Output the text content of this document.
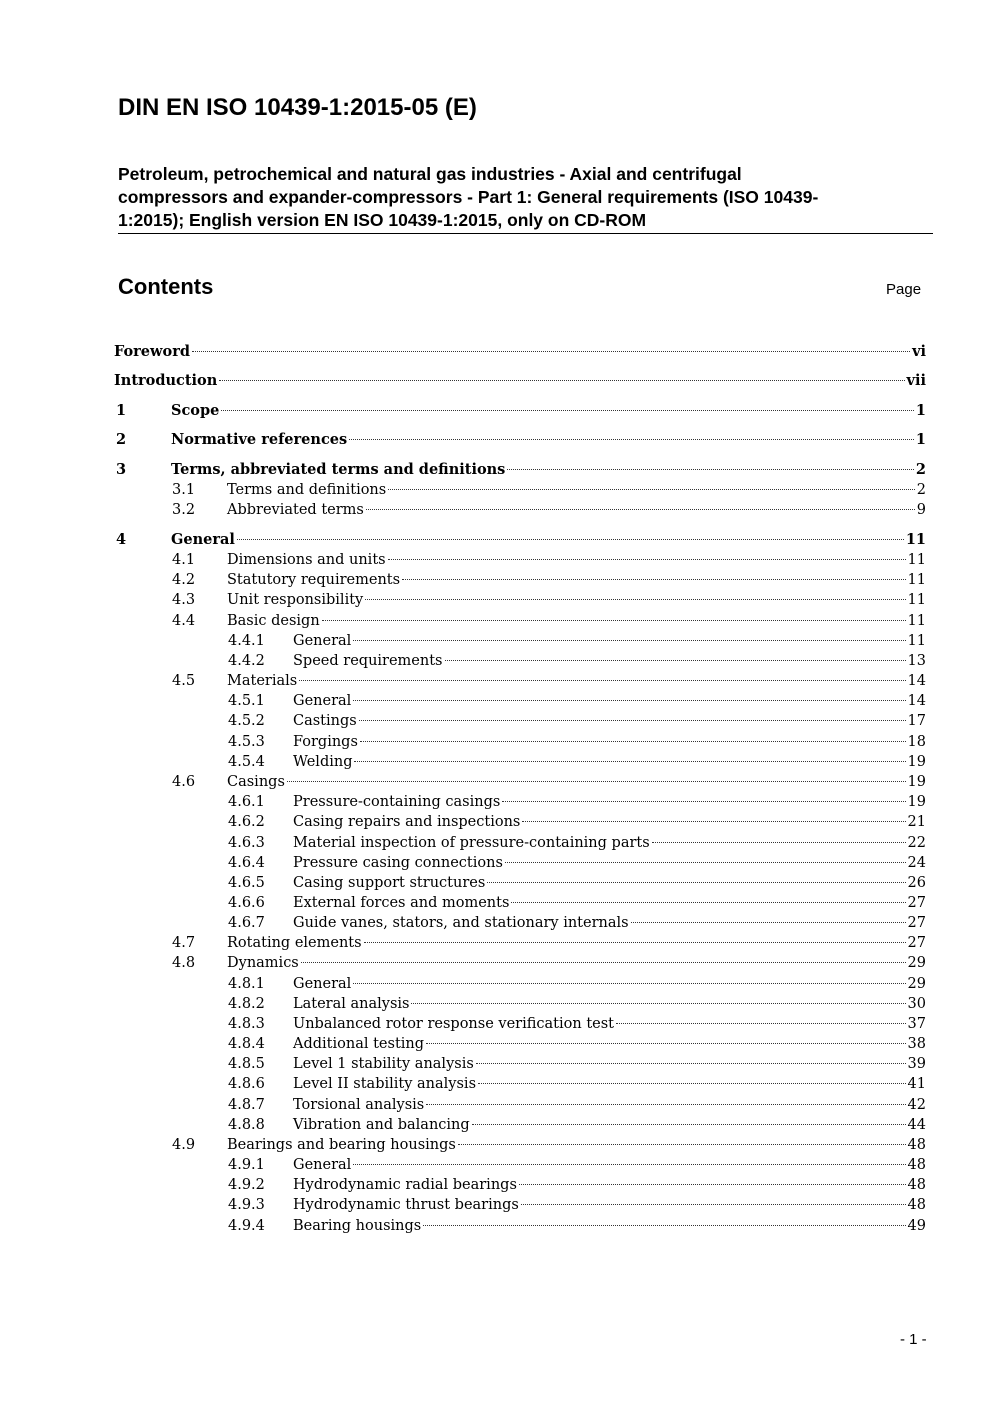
DIN EN ISO 10439-1:2015-05 (E)
Petroleum, petrochemical and natural gas industries - Axial and centrifugal
compressors and expander-compressors - Part 1: General requirements (ISO 10439-
1:2015); English version EN ISO 10439-1:2015, only on CD-ROM
Contents	Page
Foreword	vi
Introduction	vii
1	Scope	1
2	Normative references	1
3	Terms, abbreviated terms and definitions	2
3.1 Terms and definitions	2
3.2 Abbreviated terms	9
4	General	11
4.1 Dimensions and units	11
4.2 Statutory requirements	11
4.3 Unit responsibility	11
4.4 Basic design	11
4.4.1 General	11
4.4.2 Speed requirements	13
4.5 Materials	14
4.5.1 General	14
4.5.2 Castings	17
4.5.3 Forgings	18
4.5.4 Welding	19
4.6 Casings	19
4.6.1 Pressure-containing casings	19
4.6.2 Casing repairs and inspections	21
4.6.3 Material inspection of pressure-containing parts	22
4.6.4 Pressure casing connections	24
4.6.5 Casing support structures	26
4.6.6 External forces and moments	27
4.6.7 Guide vanes, stators, and stationary internals	27
4.7 Rotating elements	27
4.8 Dynamics	29
4.8.1 General	29
4.8.2 Lateral analysis	30
4.8.3 Unbalanced rotor response verification test	37
4.8.4 Additional testing	38
4.8.5 Level 1 stability analysis	39
4.8.6 Level II stability analysis	41
4.8.7 Torsional analysis	42
4.8.8 Vibration and balancing	44
4.9 Bearings and bearing housings	48
4.9.1 General	48
4.9.2 Hydrodynamic radial bearings	48
4.9.3 Hydrodynamic thrust bearings	48
4.9.4 Bearing housings	49
- 1 -
